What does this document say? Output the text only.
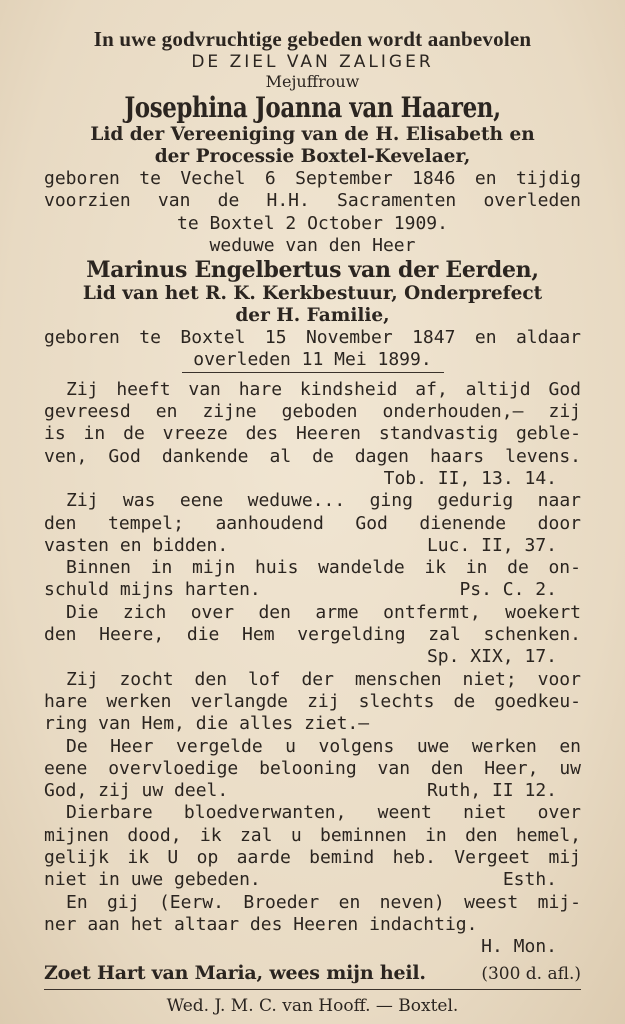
In uwe godvruchtige gebeden wordt aanbevolen
DE ZIEL VAN ZALIGER
Mejuffrouw
Josephina Joanna van Haaren,
Lid der Vereeniging van de H. Elisabeth en
der Processie Boxtel-Kevelaer,
geboren te Vechel 6 September 1846 en tijdig
voorzien van de H.H. Sacramenten overleden
te Boxtel 2 October 1909.
weduwe van den Heer
Marinus Engelbertus van der Eerden,
Lid van het R. K. Kerkbestuur, Onderprefect
der H. Familie,
geboren te Boxtel 15 November 1847 en aldaar
overleden 11 Mei 1899.
Zij heeft van hare kindsheid af, altijd God
gevreesd en zijne geboden onderhouden,— zij
is in de vreeze des Heeren standvastig geble-
ven, God dankende al de dagen haars levens.
Tob. II, 13. 14.
Zij was eene weduwe... ging gedurig naar
den tempel; aanhoudend God dienende door
vasten en bidden.	Luc. II, 37.
Binnen in mijn huis wandelde ik in de on-
schuld mijns harten.	Ps. C. 2.
Die zich over den arme ontfermt, woekert
den Heere, die Hem vergelding zal schenken.
Sp. XIX, 17.
Zij zocht den lof der menschen niet; voor
hare werken verlangde zij slechts de goedkeu-
ring van Hem, die alles ziet.—
De Heer vergelde u volgens uwe werken en
eene overvloedige belooning van den Heer, uw
God, zij uw deel.	Ruth, II 12.
Dierbare bloedverwanten, weent niet over
mijnen dood, ik zal u beminnen in den hemel,
gelijk ik U op aarde bemind heb. Vergeet mij
niet in uwe gebeden.	Esth.
En gij (Eerw. Broeder en neven) weest mij-
ner aan het altaar des Heeren indachtig.
H. Mon.
Zoet Hart van Maria, wees mijn heil.	(300 d. afl.)
Wed. J. M. C. van Hooff. — Boxtel.
